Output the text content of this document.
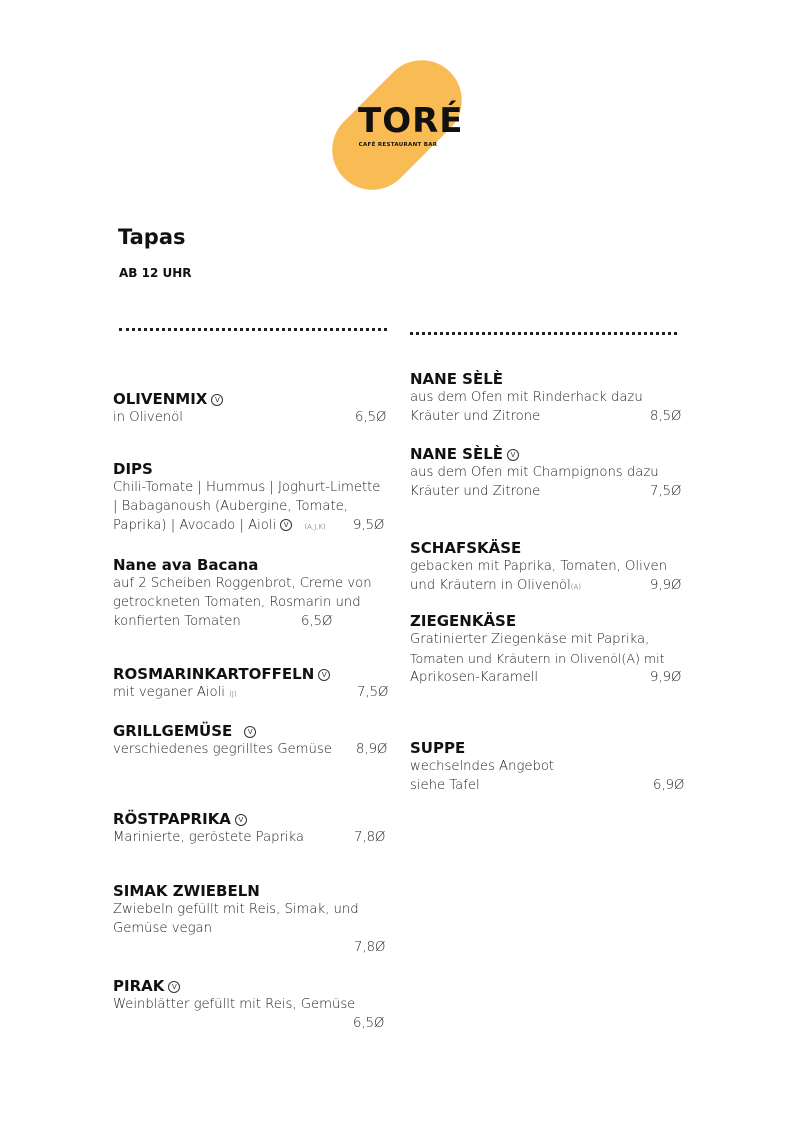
TORÉ
CAFÉ RESTAURANT BAR
Tapas
AB 12 UHR
OLIVENMIX V
in Olivenöl	6,5Ø
DIPS
Chili-Tomate | Hummus | Joghurt-Limette
| Babaganoush (Aubergine, Tomate,
Paprika) | Avocado | Aioli V (A,J,K) 9,5Ø
Nane ava Bacana
auf 2 Scheiben Roggenbrot, Creme von
getrockneten Tomaten, Rosmarin und
konfierten Tomaten	6,5Ø
ROSMARINKARTOFFELN V
mit veganer Aioli (J)	7,5Ø
GRILLGEMÜSE V
verschiedenes gegrilltes Gemüse 8,9Ø
RÖSTPAPRIKA V
Marinierte, geröstete Paprika	7,8Ø
SIMAK ZWIEBELN
Zwiebeln gefüllt mit Reis, Simak, und
Gemüse vegan
7,8Ø
PIRAK V
Weinblätter gefüllt mit Reis, Gemüse
6,5Ø
NANE SÈLÈ
aus dem Ofen mit Rinderhack dazu
Kräuter und Zitrone	8,5Ø
NANE SÈLÈ V
aus dem Ofen mit Champignons dazu
Kräuter und Zitrone	7,5Ø
SCHAFSKÄSE
gebacken mit Paprika, Tomaten, Oliven
und Kräutern in Olivenöl(A)	9,9Ø
ZIEGENKÄSE
Gratinierter Ziegenkäse mit Paprika,
Tomaten und Kräutern in Olivenöl(A) mit
Aprikosen-Karamell	9,9Ø
SUPPE
wechselndes Angebot
siehe Tafel	6,9Ø
